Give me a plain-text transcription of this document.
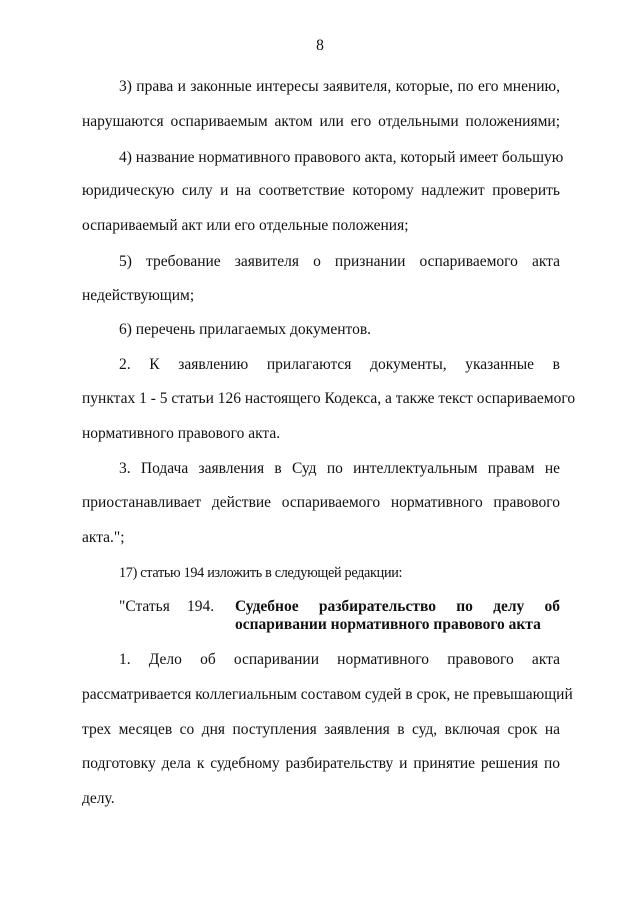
8
3) права и законные интересы заявителя, которые, по его мнению,
нарушаются оспариваемым актом или его отдельными положениями;
4) название нормативного правового акта, который имеет большую
юридическую силу и на соответствие которому надлежит проверить
оспариваемый акт или его отдельные положения;
5) требование заявителя о признании оспариваемого акта
недействующим;
6) перечень прилагаемых документов.
2. К заявлению прилагаются документы, указанные в
пунктах 1 - 5 статьи 126 настоящего Кодекса, а также текст оспариваемого
нормативного правового акта.
3. Подача заявления в Суд по интеллектуальным правам не
приостанавливает действие оспариваемого нормативного правового
акта.";
17) статью 194 изложить в следующей редакции:
"Статья 194. Судебное разбирательство по делу об
оспаривании нормативного правового акта
1. Дело об оспаривании нормативного правового акта
рассматривается коллегиальным составом судей в срок, не превышающий
трех месяцев со дня поступления заявления в суд, включая срок на
подготовку дела к судебному разбирательству и принятие решения по
делу.
